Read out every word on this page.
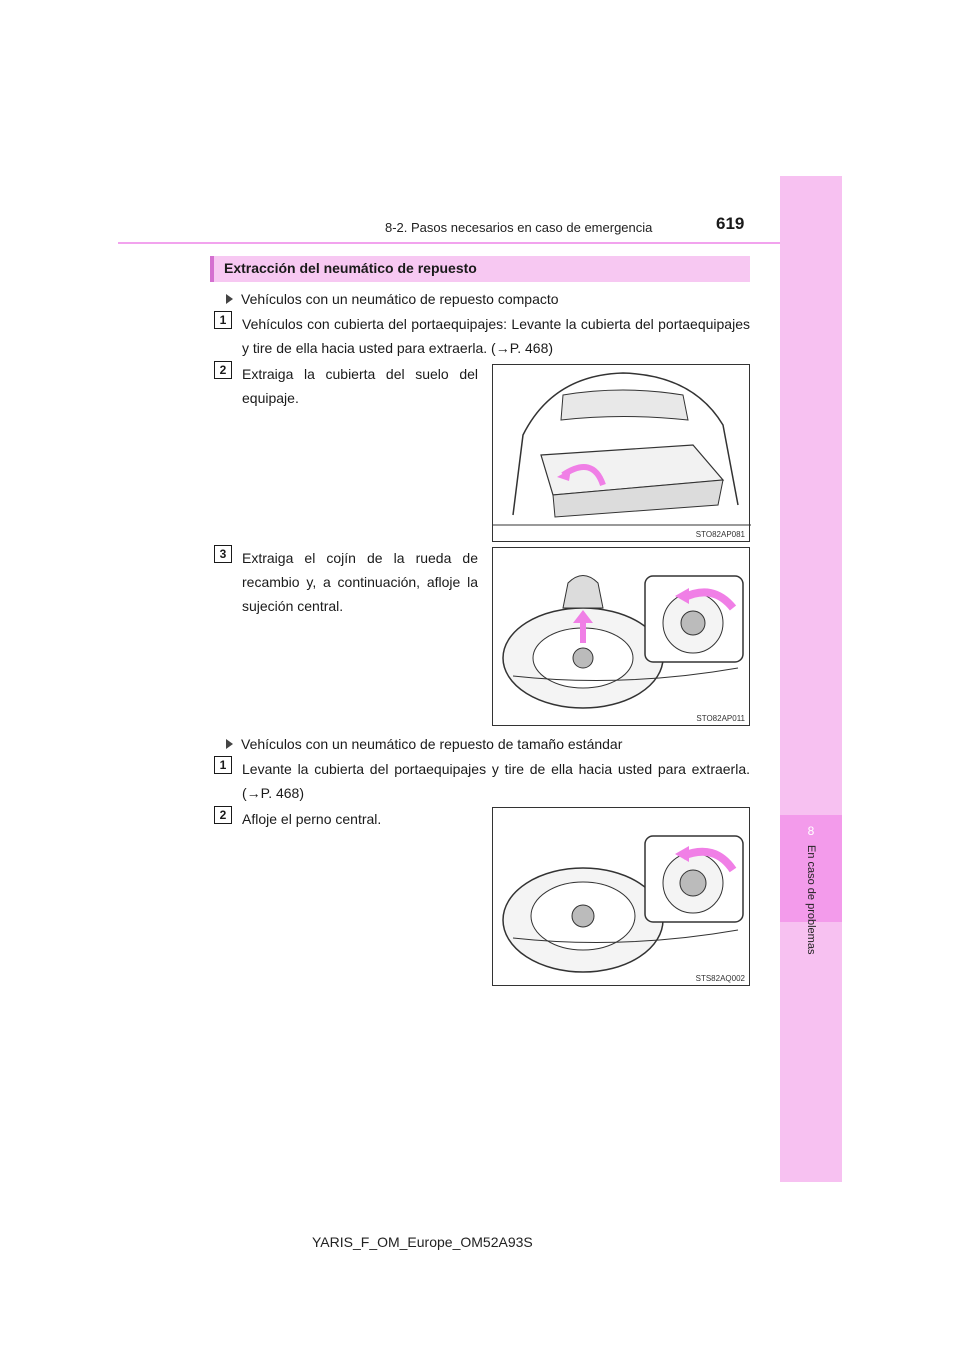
8-2. Pasos necesarios en caso de emergencia	619
8
En caso de problemas
Extracción del neumático de repuesto
Vehículos con un neumático de repuesto compacto
1	Vehículos con cubierta del portaequipajes: Levante la cubierta del portaequipajes y tire de ella hacia usted para extraerla. (→P. 468)
2	Extraiga la cubierta del suelo del equipaje.
STO82AP081
3	Extraiga el cojín de la rueda de recambio y, a continuación, afloje la sujeción central.
STO82AP011
Vehículos con un neumático de repuesto de tamaño estándar
1	Levante la cubierta del portaequipajes y tire de ella hacia usted para extraerla. (→P. 468)
2	Afloje el perno central.
STS82AQ002
YARIS_F_OM_Europe_OM52A93S
